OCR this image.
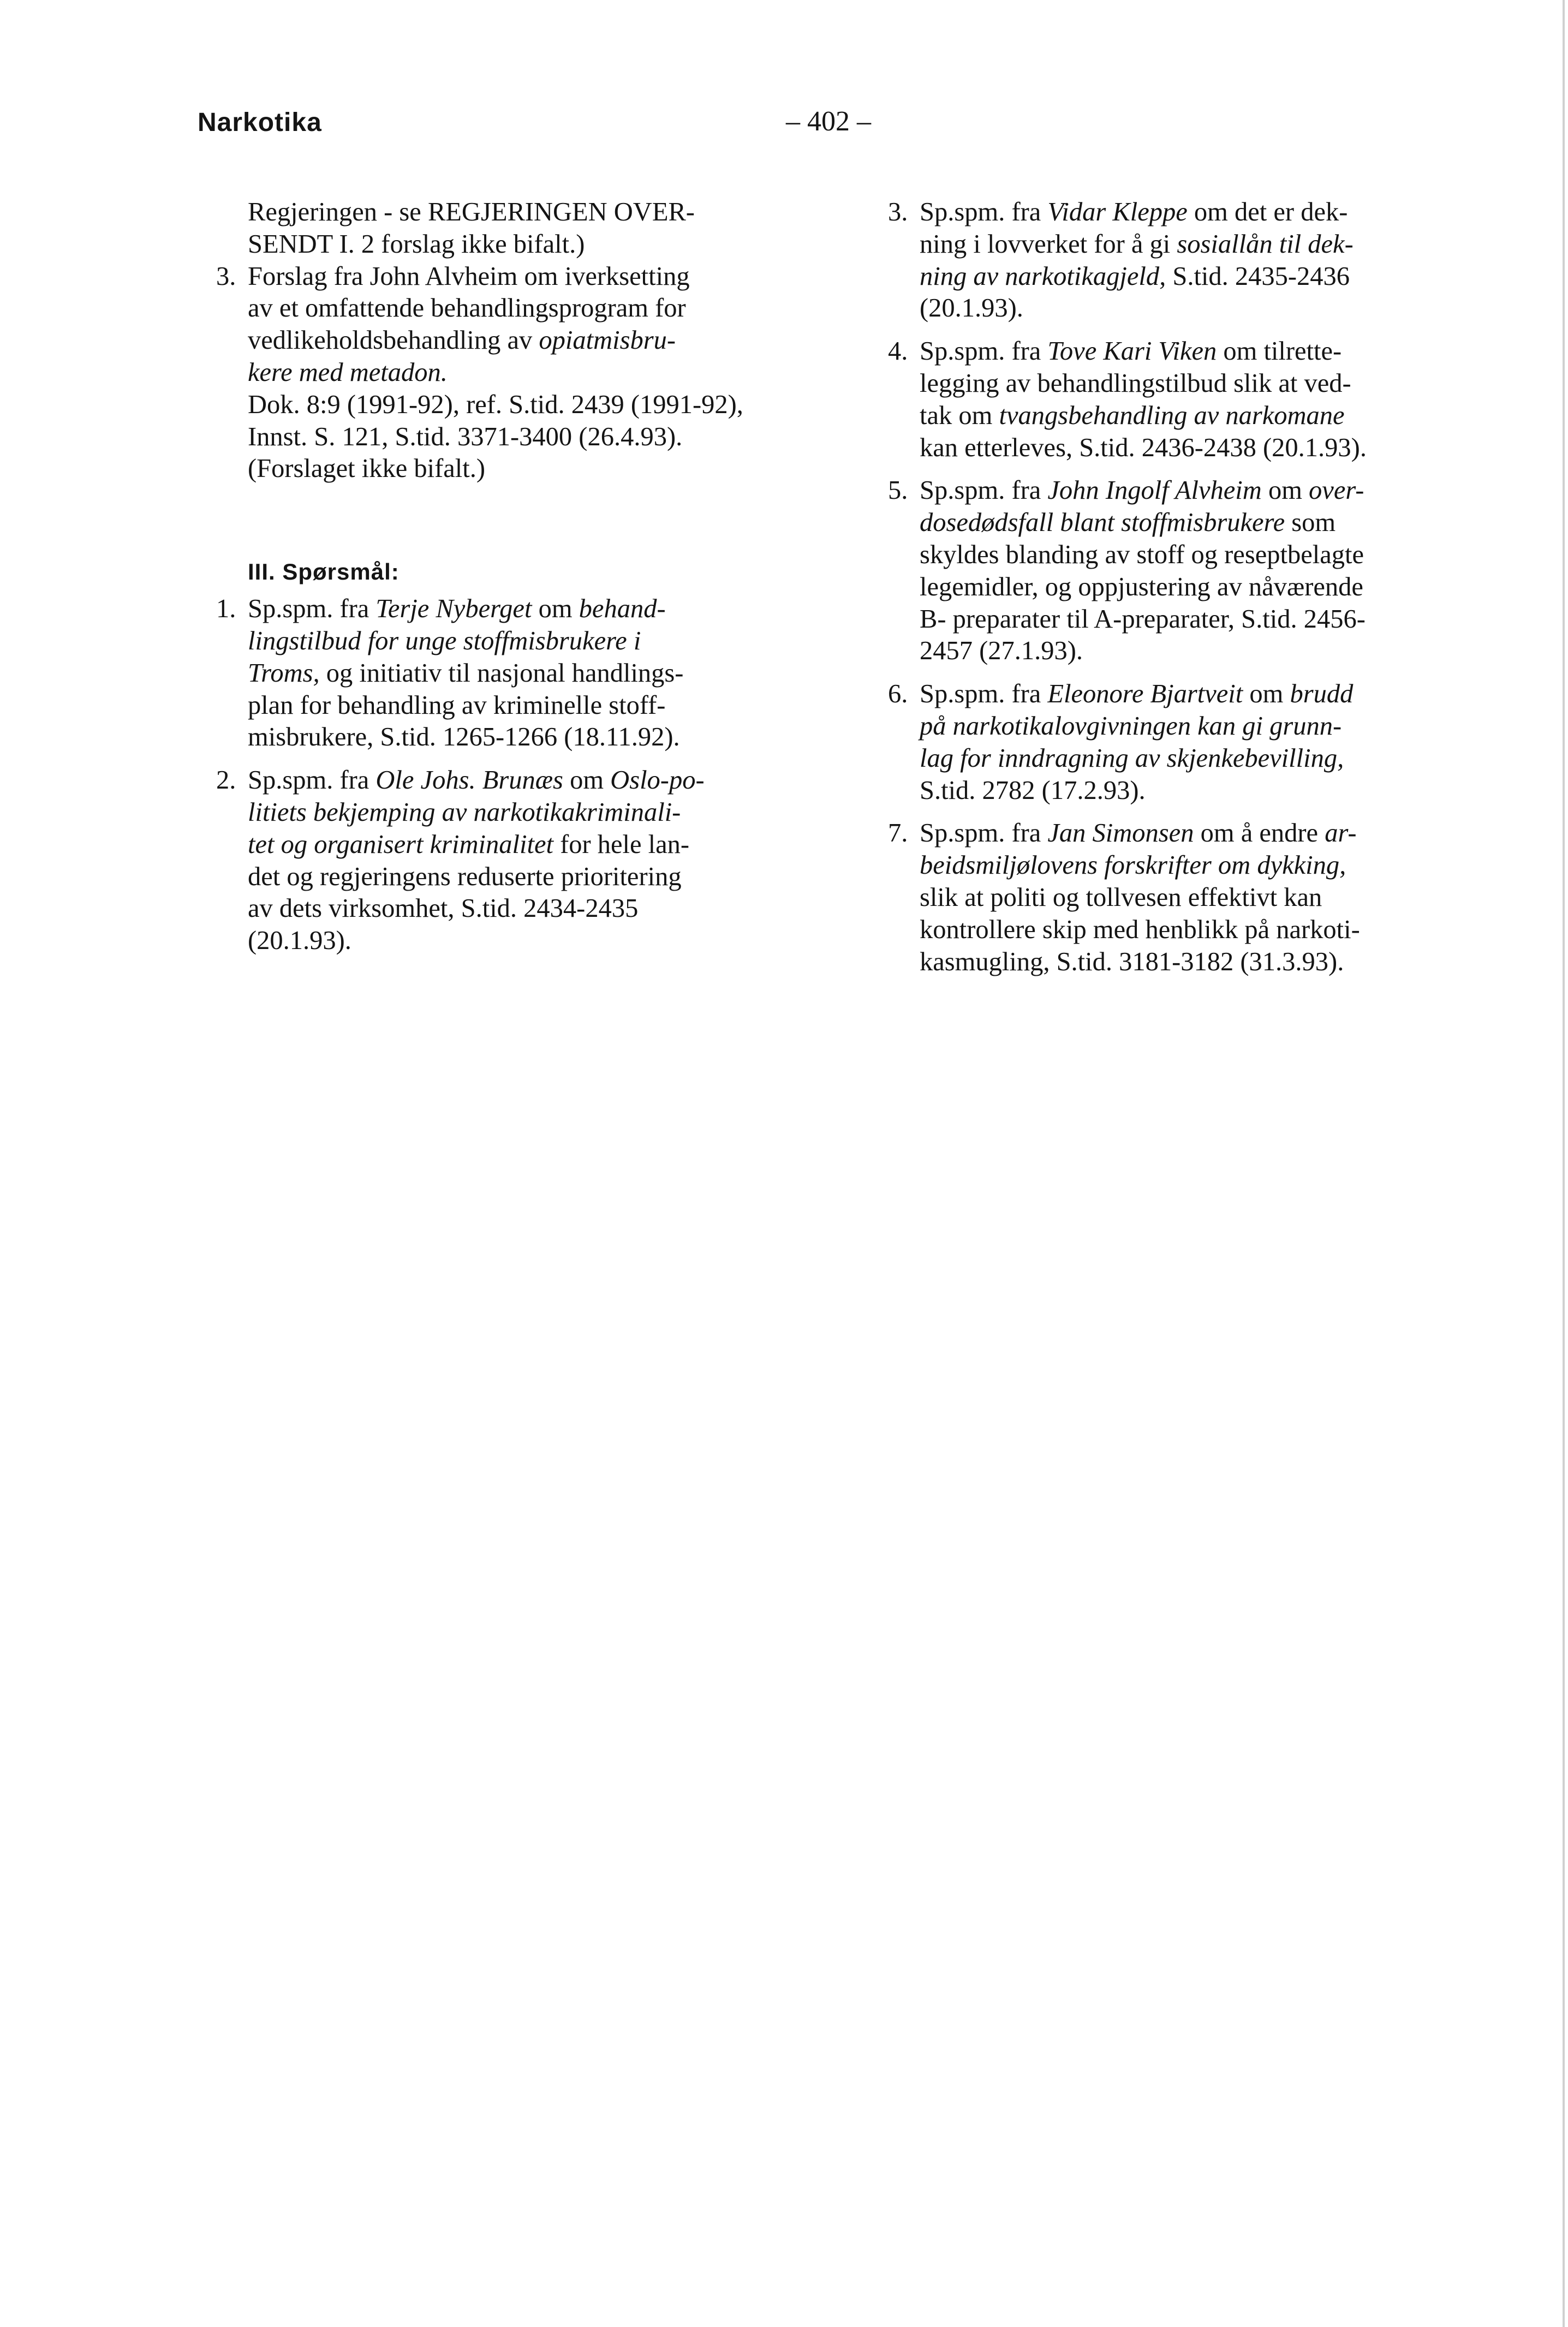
Narkotika	– 402 –
Regjeringen - se REGJERINGEN OVER-
SENDT I. 2 forslag ikke bifalt.)
3. Forslag fra John Alvheim om iverksetting
av et omfattende behandlingsprogram for
vedlikeholdsbehandling av opiatmisbru-
kere med metadon.
Dok. 8:9 (1991-92), ref. S.tid. 2439 (1991-92),
Innst. S. 121, S.tid. 3371-3400 (26.4.93).
(Forslaget ikke bifalt.)
III. Spørsmål:
1. Sp.spm. fra Terje Nyberget om behand-
lingstilbud for unge stoffmisbrukere i
Troms, og initiativ til nasjonal handlings-
plan for behandling av kriminelle stoff-
misbrukere, S.tid. 1265-1266 (18.11.92).
2. Sp.spm. fra Ole Johs. Brunæs om Oslo-po-
litiets bekjemping av narkotikakriminali-
tet og organisert kriminalitet for hele lan-
det og regjeringens reduserte prioritering
av dets virksomhet, S.tid. 2434-2435
(20.1.93).
3. Sp.spm. fra Vidar Kleppe om det er dek-
ning i lovverket for å gi sosiallån til dek-
ning av narkotikagjeld, S.tid. 2435-2436
(20.1.93).
4. Sp.spm. fra Tove Kari Viken om tilrette-
legging av behandlingstilbud slik at ved-
tak om tvangsbehandling av narkomane
kan etterleves, S.tid. 2436-2438 (20.1.93).
5. Sp.spm. fra John Ingolf Alvheim om over-
dosedødsfall blant stoffmisbrukere som
skyldes blanding av stoff og reseptbelagte
legemidler, og oppjustering av nåværende
B- preparater til A-preparater, S.tid. 2456-
2457 (27.1.93).
6. Sp.spm. fra Eleonore Bjartveit om brudd
på narkotikalovgivningen kan gi grunn-
lag for inndragning av skjenkebevilling,
S.tid. 2782 (17.2.93).
7. Sp.spm. fra Jan Simonsen om å endre ar-
beidsmiljølovens forskrifter om dykking,
slik at politi og tollvesen effektivt kan
kontrollere skip med henblikk på narkoti-
kasmugling, S.tid. 3181-3182 (31.3.93).
